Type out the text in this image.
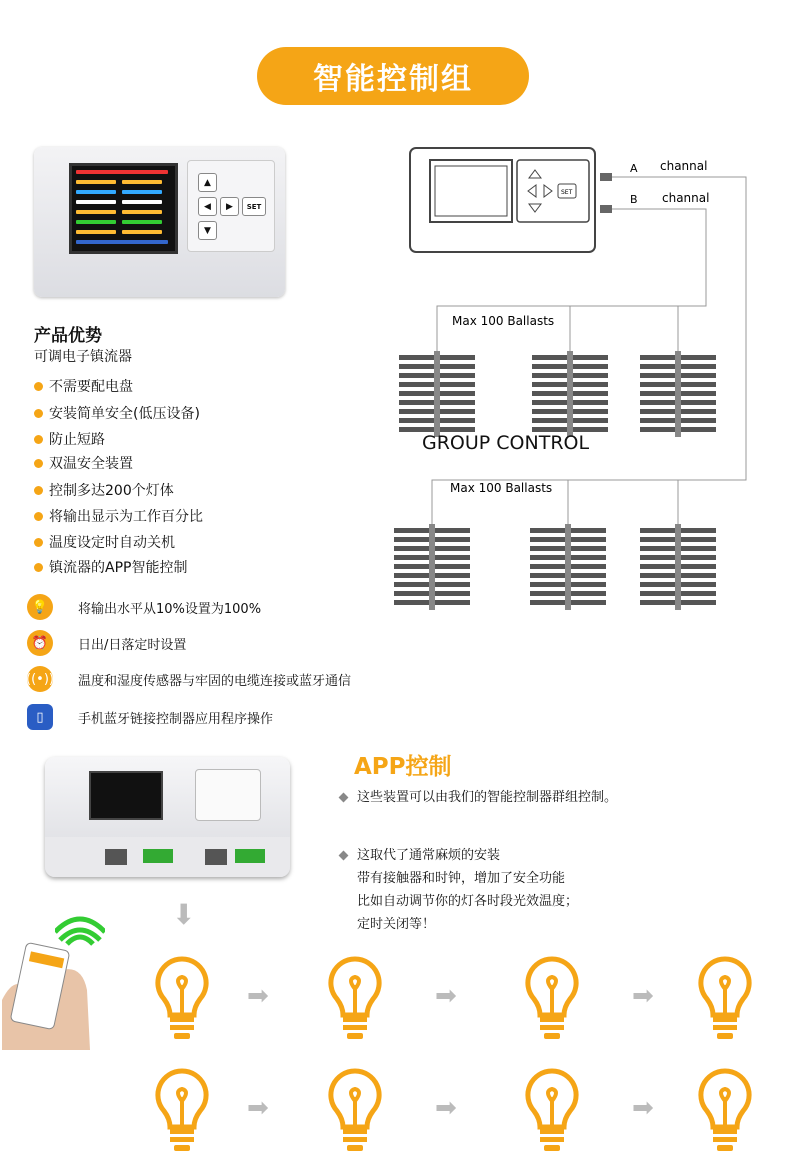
智能控制组
▲
◀	▶	SET
▼
产品优势
可调电子镇流器
不需要配电盘
安装简单安全(低压设备)
防止短路
双温安全装置
控制多达200个灯体
将输出显示为工作百分比
温度设定时自动关机
镇流器的APP智能控制
💡	将输出水平从10%设置为100%
⏰	日出/日落定时设置
((•)) 温度和湿度传感器与牢固的电缆连接或蓝牙通信
▯	手机蓝牙链接控制器应用程序操作
SET
A channal
B channal
Max 100 Ballasts
Max 100 Ballasts
GROUP CONTROL
⬇
APP控制
这些装置可以由我们的智能控制器群组控制。
这取代了通常麻烦的安装
带有接触器和时钟，增加了安全功能
比如自动调节你的灯各时段光效温度；
定时关闭等！
➡	➡	➡
➡	➡	➡
